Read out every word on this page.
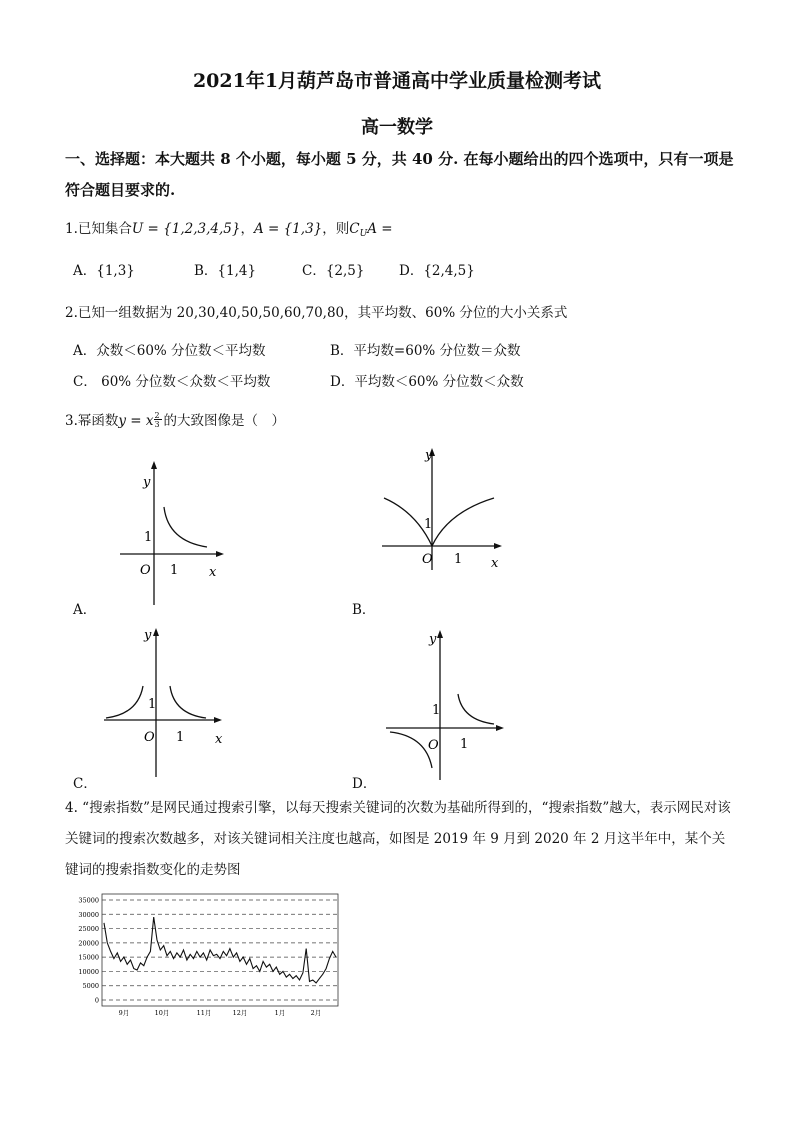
2021年1月葫芦岛市普通高中学业质量检测考试
高一数学
一、选择题：本大题共 8 个小题，每小题 5 分，共 40 分. 在每小题给出的四个选项中，只有一项是符合题目要求的.
1.已知集合U = {1,2,3,4,5}，A = {1,3}，则$C_UA$ =
A．{1,3}	B．{1,4}	C．{2,5}	D．{2,4,5}
2.已知一组数据为 20,30,40,50,50,60,70,80，其平均数、60% 分位的大小关系式
A．众数＜60% 分位数＜平均数	B．平均数=60% 分位数＝众数
C． 60% 分位数＜众数＜平均数	D．平均数＜60% 分位数＜众数
3.幂函数y = x
$\frac{2}{3}$
的大致图像是（　）
y
x
O 1
1
A．
y
x
O 1
1
B．
y
x
O 1
1
C．
y
O 1
1
D．
4. “搜索指数”是网民通过搜索引擎，以每天搜索关键词的次数为基础所得到的，“搜索指数”越大，表示网民对该关键词的搜索次数越多，对该关键词相关注度也越高，如图是 2019 年 9 月到 2020 年 2 月这半年中，某个关键词的搜索指数变化的走势图
35000
30000
25000
20000
15000
10000
5000
0
9月	10月	11月	12月	1月	2月
